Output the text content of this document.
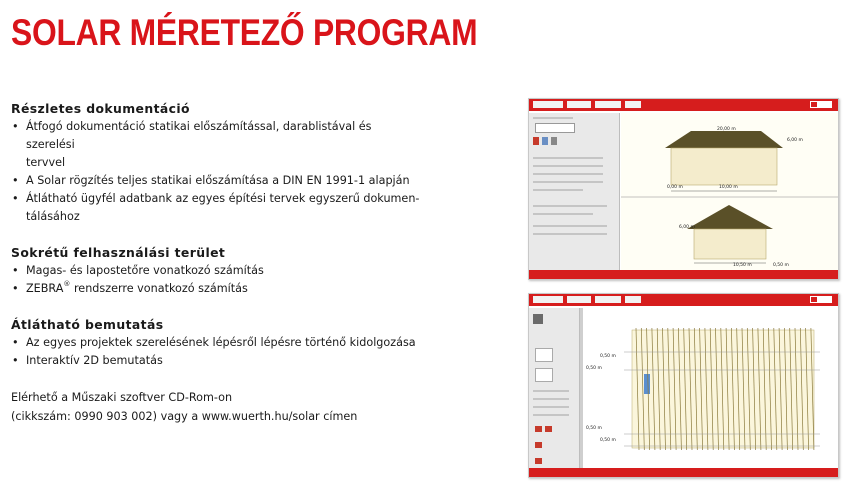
SOLAR MÉRETEZŐ PROGRAM

Részletes dokumentáció

• Átfogó dokumentáció statikai előszámítással, darablistával és szerelési
tervvel
• A Solar rögzítés teljes statikai előszámítása a DIN EN 1991-1 alapján
• Átlátható ügyfél adatbank az egyes építési tervek egyszerű dokumen-
tálásához

Sokrétű felhasználási terület

• Magas- és lapostetőre vonatkozó számítás
• ZEBRA® rendszerre vonatkozó számítás

Átlátható bemutatás

• Az egyes projektek szerelésének lépésről lépésre történő kidolgozása
• Interaktív 2D bemutatás
Elérhető a Műszaki szoftver CD-Rom-on
(cikkszám: 0990 903 002) vagy a www.wuerth.hu/solar címen
20,00 m
6,00 m
0,00 m	10,00 m
6,00 m
10,50 m	0,50 m
0,50 m
0,50 m
0,50 m
0,50 m
